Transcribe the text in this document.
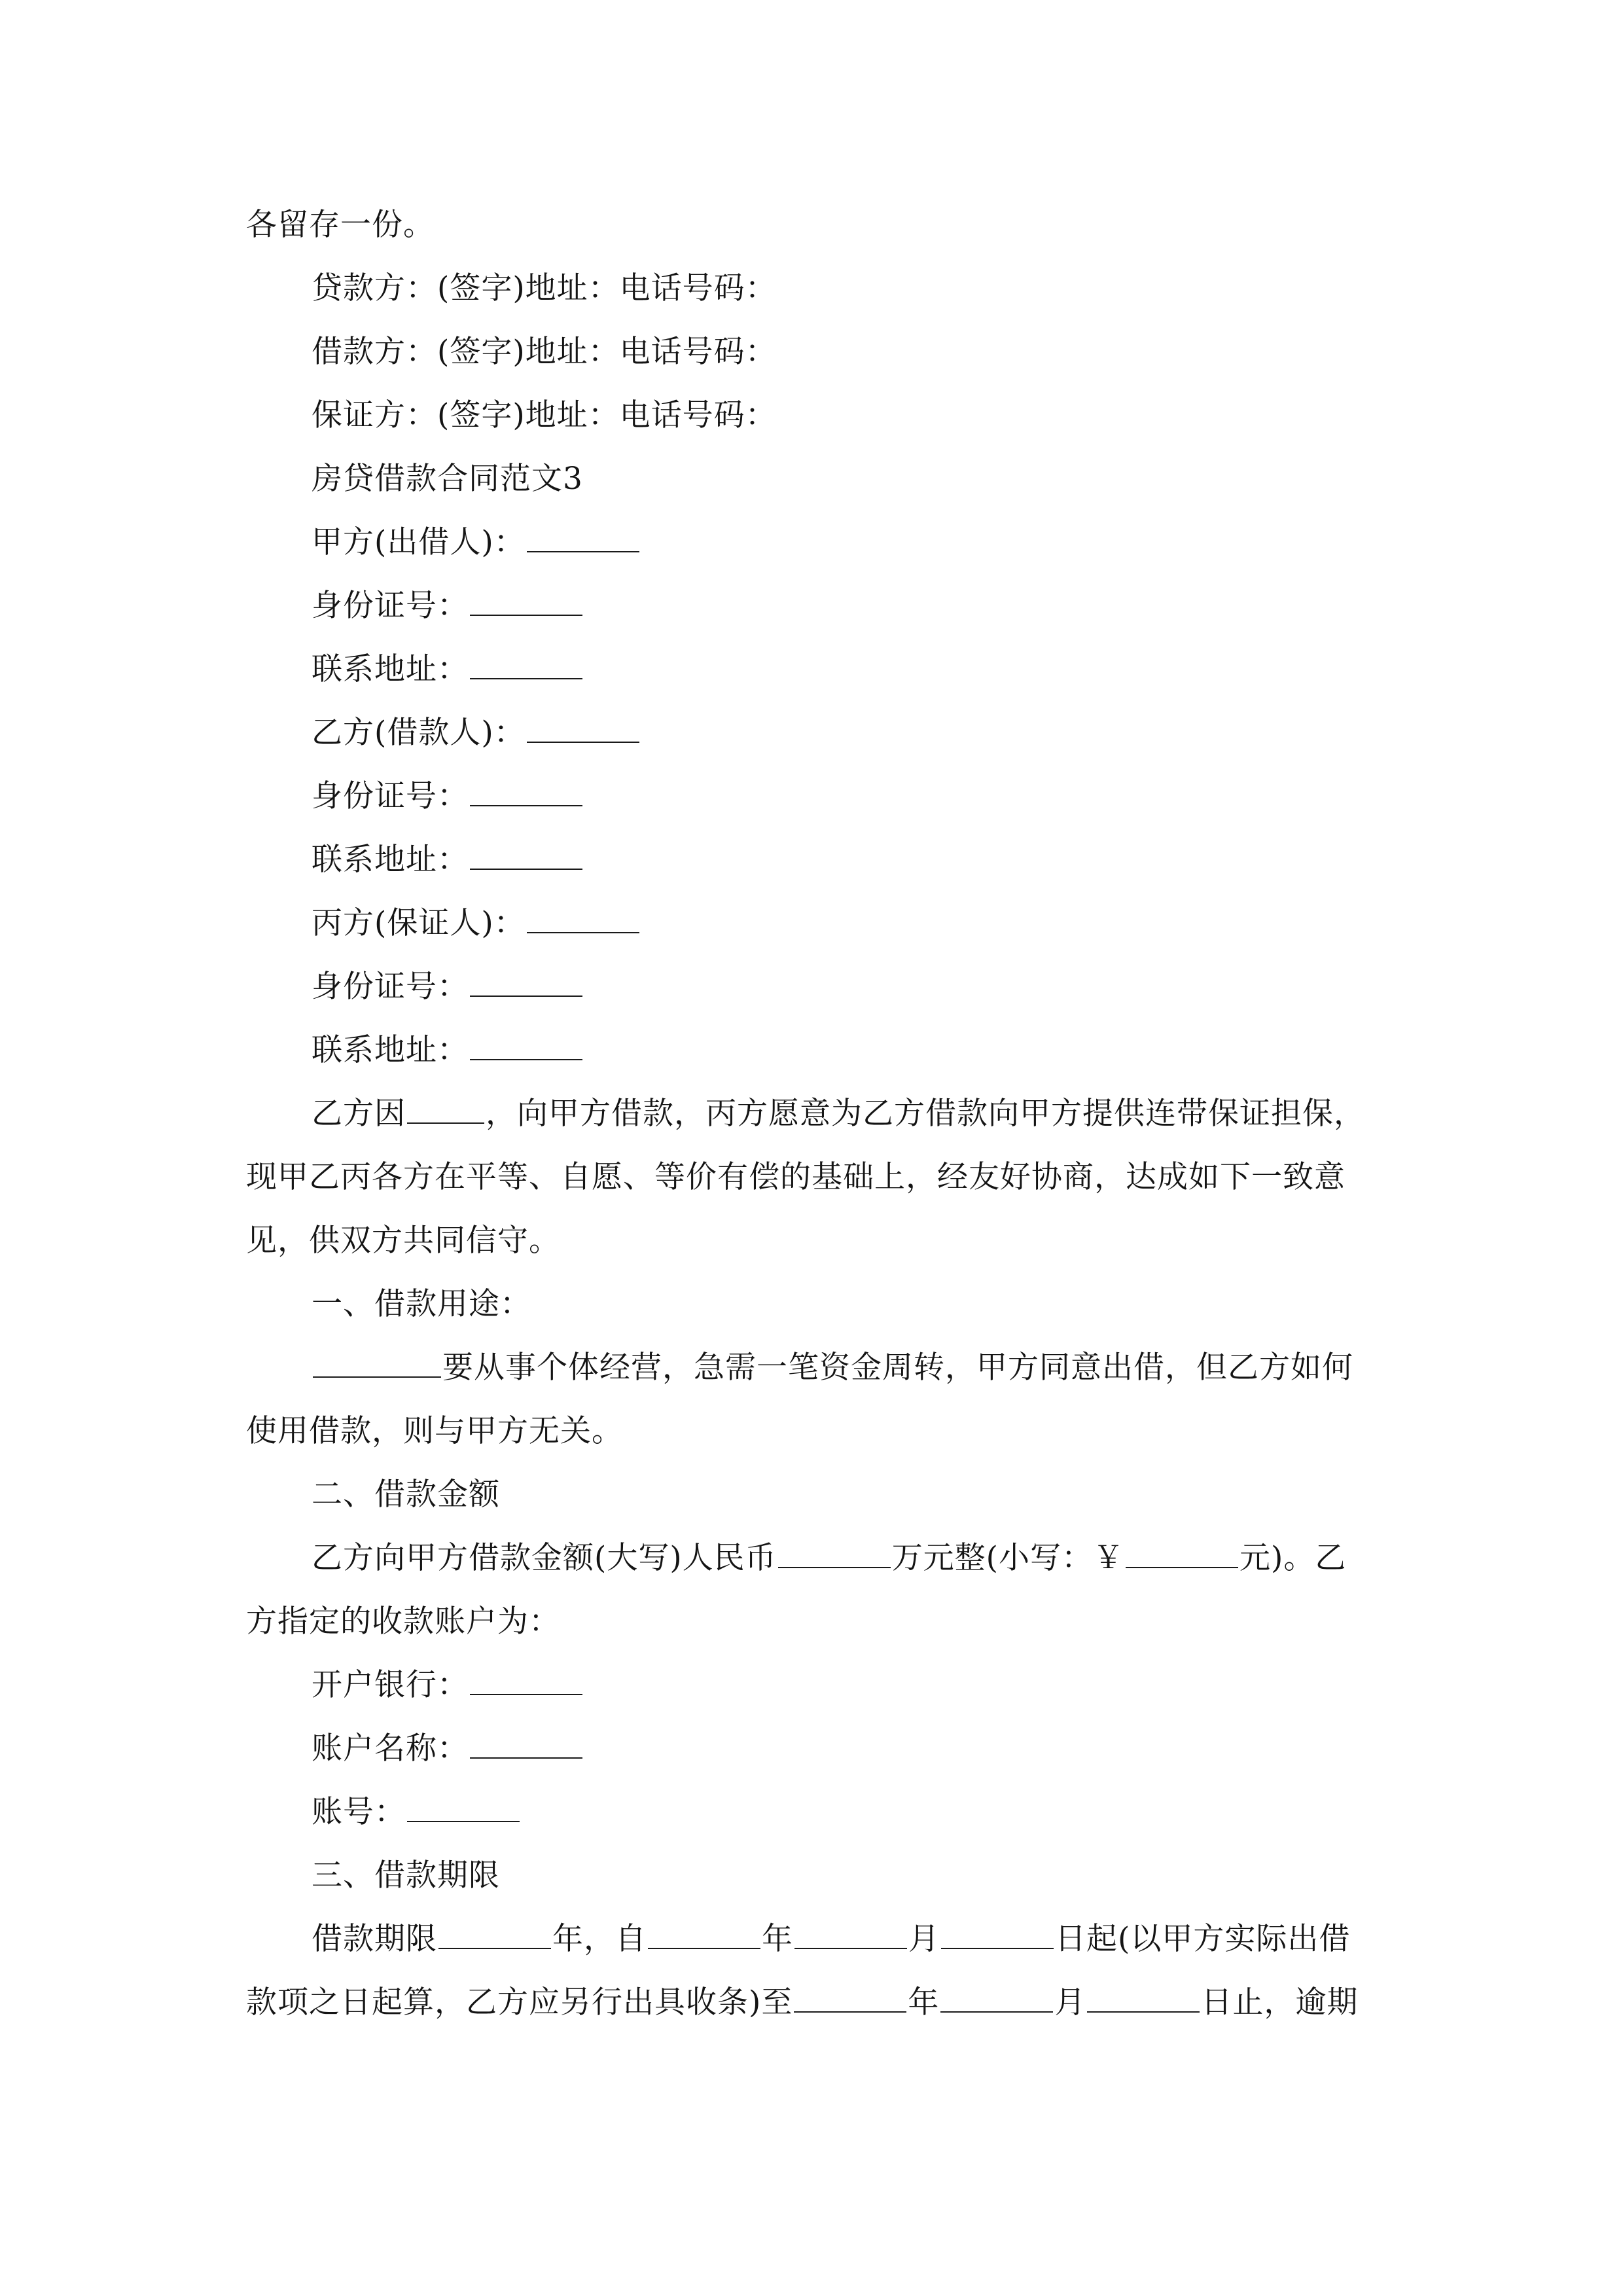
各留存一份。
贷款方：(签字)地址：电话号码：
借款方：(签字)地址：电话号码：
保证方：(签字)地址：电话号码：
房贷借款合同范文3
甲方(出借人)：
身份证号：
联系地址：
乙方(借款人)：
身份证号：
联系地址：
丙方(保证人)：
身份证号：
联系地址：
乙方因	，向甲方借款，丙方愿意为乙方借款向甲方提供连带保证担保，
现甲乙丙各方在平等、自愿、等价有偿的基础上，经友好协商，达成如下一致意
见，供双方共同信守。
一、借款用途：
要从事个体经营，急需一笔资金周转，甲方同意出借，但乙方如何
使用借款，则与甲方无关。
二、借款金额
乙方向甲方借款金额(大写)人民币	万元整(小写：￥	元)。乙
方指定的收款账户为：
开户银行：
账户名称：
账号：
三、借款期限
借款期限	年，自	年	月	日起(以甲方实际出借
款项之日起算，乙方应另行出具收条)至	年	月	日止，逾期
